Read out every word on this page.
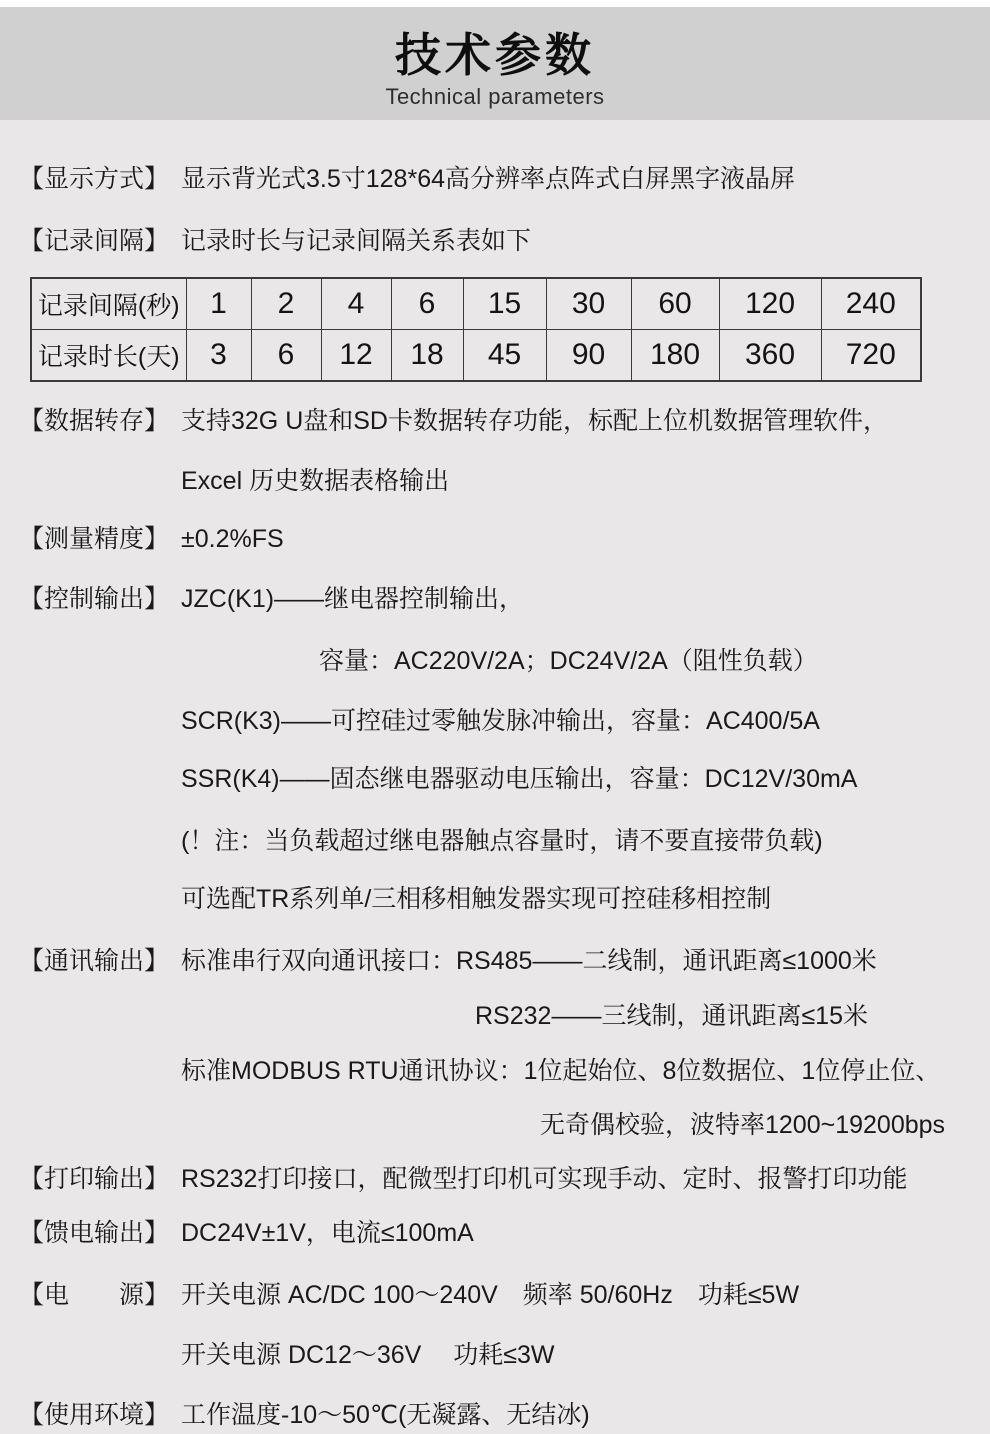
技术参数
Technical parameters
【显示方式】 显示背光式3.5寸128*64高分辨率点阵式白屏黑字液晶屏
【记录间隔】 记录时长与记录间隔关系表如下
记录间隔(秒)	1	2	4	6	15	30	60	120	240
记录时长(天)	3	6	12	18	45	90	180	360	720
【数据转存】 支持32G U盘和SD卡数据转存功能，标配上位机数据管理软件，
Excel 历史数据表格输出
【测量精度】 ±0.2%FS
【控制输出】 JZC(K1)——继电器控制输出，
容量：AC220V/2A；DC24V/2A（阻性负载）
SCR(K3)——可控硅过零触发脉冲输出，容量：AC400/5A
SSR(K4)——固态继电器驱动电压输出，容量：DC12V/30mA
(！注：当负载超过继电器触点容量时，请不要直接带负载)
可选配TR系列单/三相移相触发器实现可控硅移相控制
【通讯输出】 标准串行双向通讯接口：RS485——二线制，通讯距离≤1000米
RS232——三线制，通讯距离≤15米
标准MODBUS RTU通讯协议：1位起始位、8位数据位、1位停止位、
无奇偶校验，波特率1200~19200bps
【打印输出】 RS232打印接口，配微型打印机可实现手动、定时、报警打印功能
【馈电输出】 DC24V±1V，电流≤100mA
【电　　源】 开关电源 AC/DC 100～240V　频率 50/60Hz　功耗≤5W
开关电源 DC12～36V　 功耗≤3W
【使用环境】 工作温度-10～50℃(无凝露、无结冰)
